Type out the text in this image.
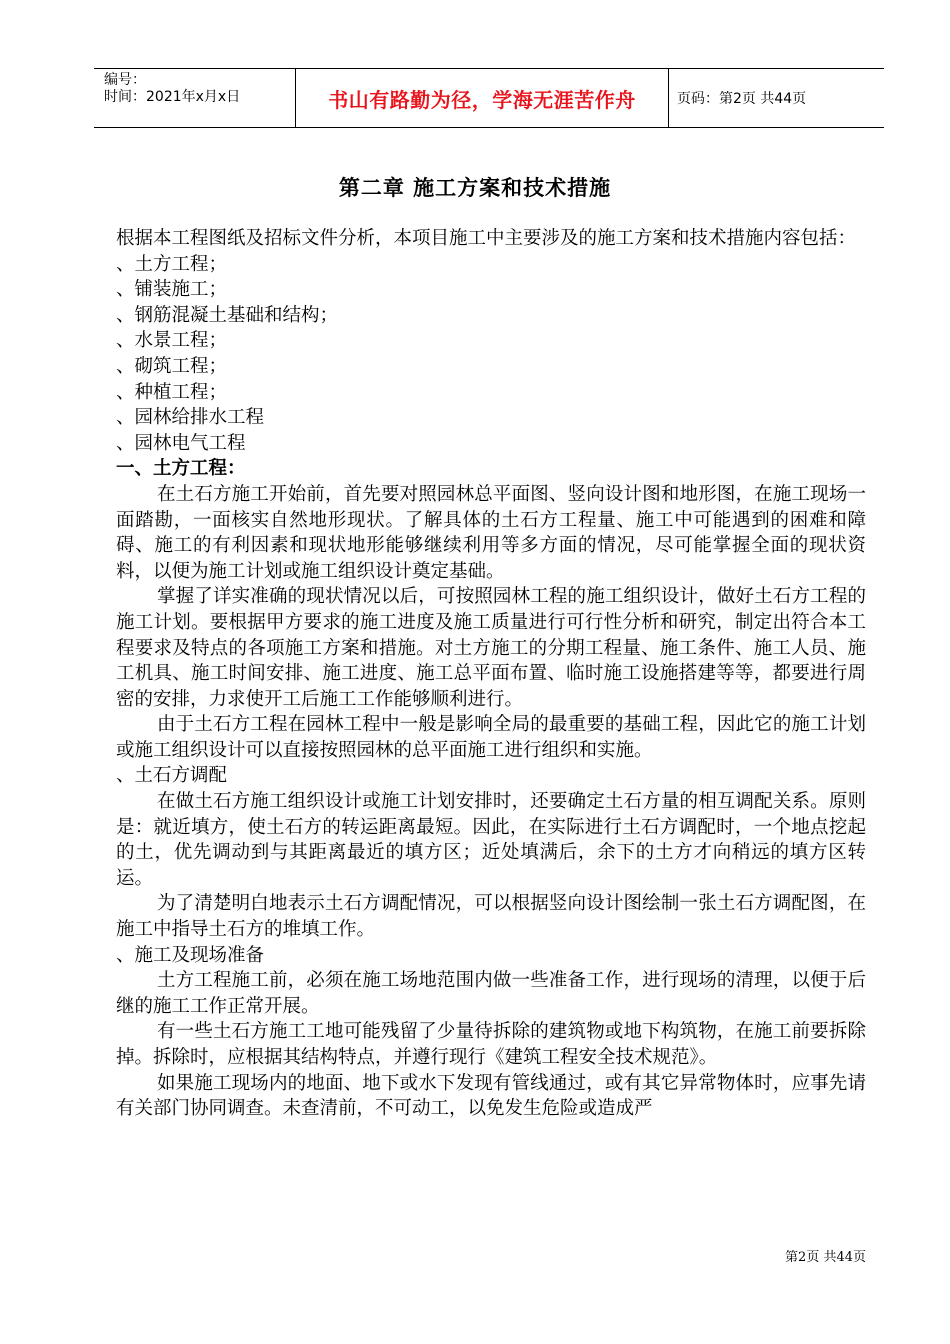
编号：
时间：2021年x月x日	书山有路勤为径，学海无涯苦作舟	页码：第2页 共44页
第二章 施工方案和技术措施

根据本工程图纸及招标文件分析，本项目施工中主要涉及的施工方案和技术措施内容包括：

、土方工程；

、铺装施工；

、钢筋混凝土基础和结构；

、水景工程；

、砌筑工程；

、种植工程；

、园林给排水工程

、园林电气工程

一、土方工程：

在土石方施工开始前，首先要对照园林总平面图、竖向设计图和地形图，在施工现场一面踏勘，一面核实自然地形现状。了解具体的土石方工程量、施工中可能遇到的困难和障碍、施工的有利因素和现状地形能够继续利用等多方面的情况，尽可能掌握全面的现状资料，以便为施工计划或施工组织设计奠定基础。

掌握了详实准确的现状情况以后，可按照园林工程的施工组织设计，做好土石方工程的施工计划。要根据甲方要求的施工进度及施工质量进行可行性分析和研究，制定出符合本工程要求及特点的各项施工方案和措施。对土方施工的分期工程量、施工条件、施工人员、施工机具、施工时间安排、施工进度、施工总平面布置、临时施工设施搭建等等，都要进行周密的安排，力求使开工后施工工作能够顺利进行。

由于土石方工程在园林工程中一般是影响全局的最重要的基础工程，因此它的施工计划或施工组织设计可以直接按照园林的总平面施工进行组织和实施。

、土石方调配

在做土石方施工组织设计或施工计划安排时，还要确定土石方量的相互调配关系。原则是：就近填方，使土石方的转运距离最短。因此，在实际进行土石方调配时，一个地点挖起的土，优先调动到与其距离最近的填方区；近处填满后，余下的土方才向稍远的填方区转运。

为了清楚明白地表示土石方调配情况，可以根据竖向设计图绘制一张土石方调配图，在施工中指导土石方的堆填工作。

、施工及现场准备

土方工程施工前，必须在施工场地范围内做一些准备工作，进行现场的清理，以便于后继的施工工作正常开展。

有一些土石方施工工地可能残留了少量待拆除的建筑物或地下构筑物，在施工前要拆除掉。拆除时，应根据其结构特点，并遵行现行《建筑工程安全技术规范》。

如果施工现场内的地面、地下或水下发现有管线通过，或有其它异常物体时，应事先请有关部门协同调查。未查清前，不可动工，以免发生危险或造成严

第2页 共44页
